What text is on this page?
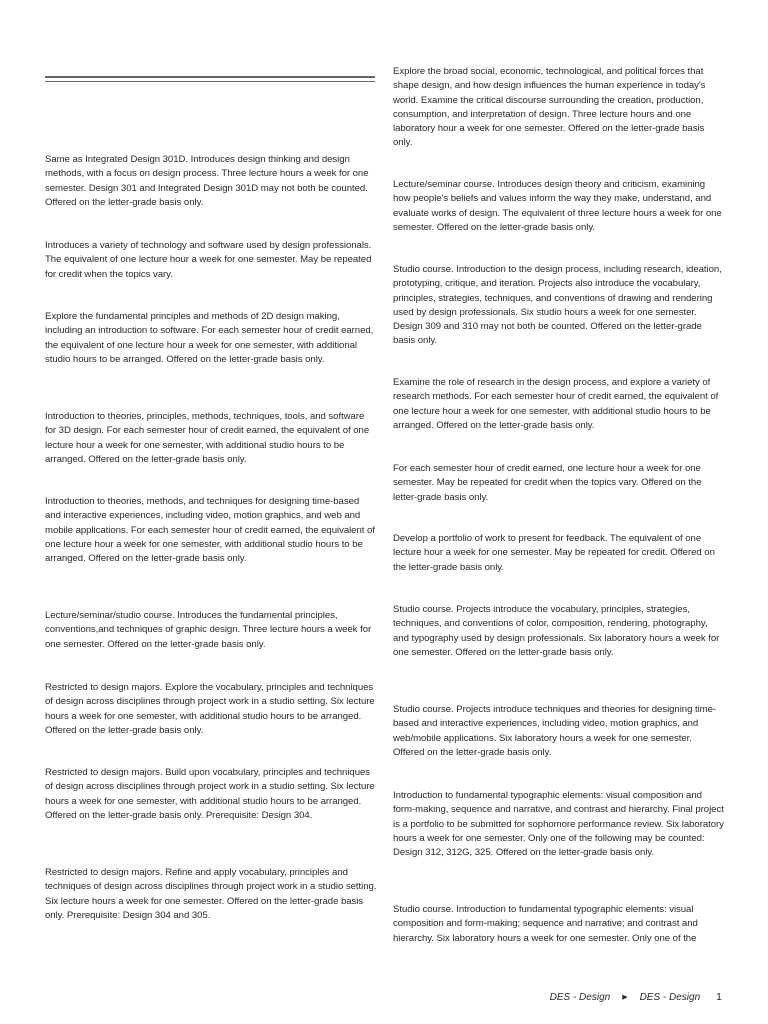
Same as Integrated Design 301D. Introduces design thinking and design methods, with a focus on design process. Three lecture hours a week for one semester. Design 301 and Integrated Design 301D may not both be counted. Offered on the letter-grade basis only.

Introduces a variety of technology and software used by design professionals. The equivalent of one lecture hour a week for one semester. May be repeated for credit when the topics vary.

Explore the fundamental principles and methods of 2D design making, including an introduction to software. For each semester hour of credit earned, the equivalent of one lecture hour a week for one semester, with additional studio hours to be arranged. Offered on the letter-grade basis only.

Introduction to theories, principles, methods, techniques, tools, and software for 3D design. For each semester hour of credit earned, the equivalent of one lecture hour a week for one semester, with additional studio hours to be arranged. Offered on the letter-grade basis only.

Introduction to theories, methods, and techniques for designing time-based and interactive experiences, including video, motion graphics, and web and mobile applications. For each semester hour of credit earned, the equivalent of one lecture hour a week for one semester, with additional studio hours to be arranged. Offered on the letter-grade basis only.

Lecture/seminar/studio course. Introduces the fundamental principles, conventions,and techniques of graphic design. Three lecture hours a week for one semester. Offered on the letter-grade basis only.

Restricted to design majors. Explore the vocabulary, principles and techniques of design across disciplines through project work in a studio setting. Six lecture hours a week for one semester, with additional studio hours to be arranged. Offered on the letter-grade basis only.

Restricted to design majors. Build upon vocabulary, principles and techniques of design across disciplines through project work in a studio setting. Six lecture hours a week for one semester, with additional studio hours to be arranged. Offered on the letter-grade basis only. Prerequisite: Design 304.

Restricted to design majors. Refine and apply vocabulary, principles and techniques of design across disciplines through project work in a studio setting. Six lecture hours a week for one semester. Offered on the letter-grade basis only. Prerequisite: Design 304 and 305.

Explore the broad social, economic, technological, and political forces that shape design, and how design influences the human experience in today's world. Examine the critical discourse surrounding the creation, production, consumption, and interpretation of design. Three lecture hours and one laboratory hour a week for one semester. Offered on the letter-grade basis only.

Lecture/seminar course. Introduces design theory and criticism, examining how people's beliefs and values inform the way they make, understand, and evaluate works of design. The equivalent of three lecture hours a week for one semester. Offered on the letter-grade basis only.

Studio course. Introduction to the design process, including research, ideation, prototyping, critique, and iteration. Projects also introduce the vocabulary, principles, strategies, techniques, and conventions of drawing and rendering used by design professionals. Six studio hours a week for one semester. Design 309 and 310 may not both be counted. Offered on the letter-grade basis only.

Examine the role of research in the design process, and explore a variety of research methods. For each semester hour of credit earned, the equivalent of one lecture hour a week for one semester, with additional studio hours to be arranged. Offered on the letter-grade basis only.

For each semester hour of credit earned, one lecture hour a week for one semester. May be repeated for credit when the topics vary. Offered on the letter-grade basis only.

Develop a portfolio of work to present for feedback. The equivalent of one lecture hour a week for one semester. May be repeated for credit. Offered on the letter-grade basis only.

Studio course. Projects introduce the vocabulary, principles, strategies, techniques, and conventions of color, composition, rendering, photography, and typography used by design professionals. Six laboratory hours a week for one semester. Offered on the letter-grade basis only.

Studio course. Projects introduce techniques and theories for designing time-based and interactive experiences, including video, motion graphics, and web/mobile applications. Six laboratory hours a week for one semester. Offered on the letter-grade basis only.

Introduction to fundamental typographic elements: visual composition and form-making, sequence and narrative, and contrast and hierarchy. Final project is a portfolio to be submitted for sophomore performance review. Six laboratory hours a week for one semester. Only one of the following may be counted: Design 312, 312G, 325. Offered on the letter-grade basis only.

Studio course. Introduction to fundamental typographic elements: visual composition and form-making; sequence and narrative; and contrast and hierarchy. Six laboratory hours a week for one semester. Only one of the

DES - Design ▶ DES - Design 1
